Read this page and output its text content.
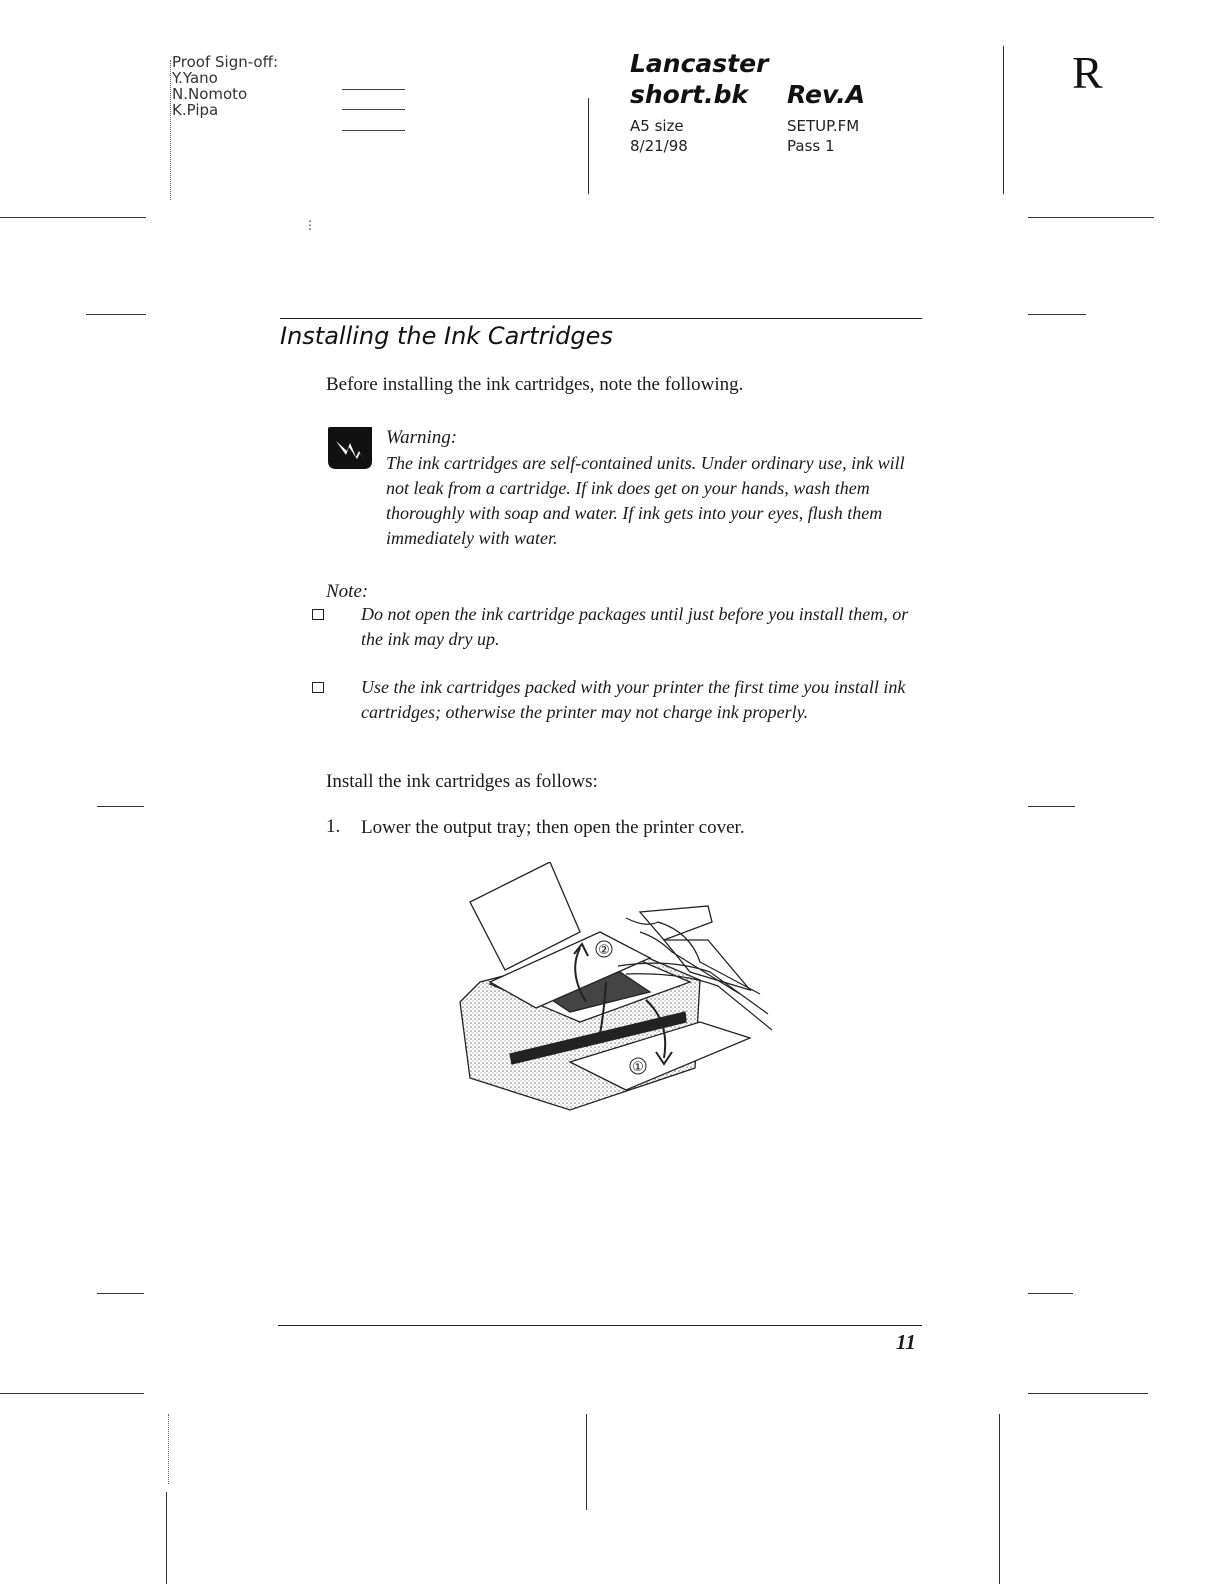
Proof Sign-off:
Y.Yano
N.Nomoto
K.Pipa
⋮
Lancaster
short.bk Rev.A
A5 size
8/21/98
SETUP.FM
Pass 1
R
Installing the Ink Cartridges
Before installing the ink cartridges, note the following.
Warning:
The ink cartridges are self-contained units. Under ordinary use, ink will not leak from a cartridge. If ink does get on your hands, wash them thoroughly with soap and water. If ink gets into your eyes, flush them immediately with water.
Note:
Do not open the ink cartridge packages until just before you install them, or the ink may dry up.
Use the ink cartridges packed with your printer the first time you install ink cartridges; otherwise the printer may not charge ink properly.
Install the ink cartridges as follows:
1. Lower the output tray; then open the printer cover.
②
①
11
